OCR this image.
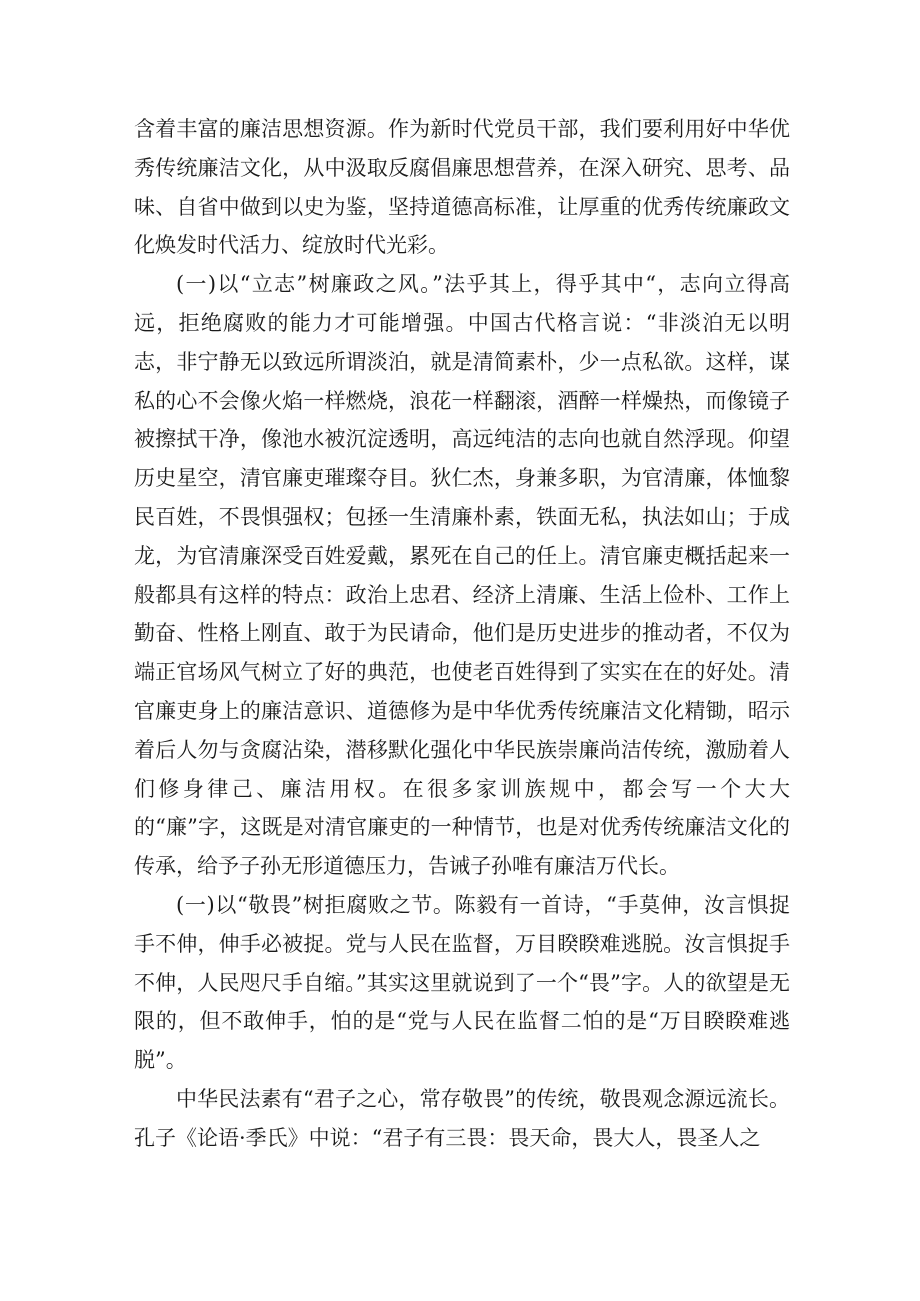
含着丰富的廉洁思想资源。作为新时代党员干部，我们要利用好中华优秀传统廉洁文化，从中汲取反腐倡廉思想营养，在深入研究、思考、品味、自省中做到以史为鉴，坚持道德高标准，让厚重的优秀传统廉政文化焕发时代活力、绽放时代光彩。

(一)以“立志”树廉政之风。”法乎其上，得乎其中“，志向立得高远，拒绝腐败的能力才可能增强。中国古代格言说：“非淡泊无以明志，非宁静无以致远所谓淡泊，就是清简素朴，少一点私欲。这样，谋私的心不会像火焰一样燃烧，浪花一样翻滚，酒醉一样燥热，而像镜子被擦拭干净，像池水被沉淀透明，高远纯洁的志向也就自然浮现。仰望历史星空，清官廉吏璀璨夺目。狄仁杰，身兼多职，为官清廉，体恤黎民百姓，不畏惧强权；包拯一生清廉朴素，铁面无私，执法如山；于成龙，为官清廉深受百姓爱戴，累死在自己的任上。清官廉吏概括起来一般都具有这样的特点：政治上忠君、经济上清廉、生活上俭朴、工作上勤奋、性格上刚直、敢于为民请命，他们是历史进步的推动者，不仅为端正官场风气树立了好的典范，也使老百姓得到了实实在在的好处。清官廉吏身上的廉洁意识、道德修为是中华优秀传统廉洁文化精锄，昭示着后人勿与贪腐沾染，潜移默化强化中华民族崇廉尚洁传统，激励着人们修身律己、廉洁用权。在很多家训族规中，都会写一个大大的“廉”字，这既是对清官廉吏的一种情节，也是对优秀传统廉洁文化的传承，给予子孙无形道德压力，告诫子孙唯有廉洁万代长。

(一)以“敬畏”树拒腐败之节。陈毅有一首诗，“手莫伸，汝言惧捉手不伸，伸手必被捉。党与人民在监督，万目睽睽难逃脱。汝言惧捉手不伸，人民咫尺手自缩。”其实这里就说到了一个“畏”字。人的欲望是无限的，但不敢伸手，怕的是“党与人民在监督二怕的是“万目睽睽难逃脱”。

中华民法素有“君子之心，常存敬畏”的传统，敬畏观念源远流长。孔子《论语·季氏》中说：“君子有三畏：畏天命，畏大人，畏圣人之
